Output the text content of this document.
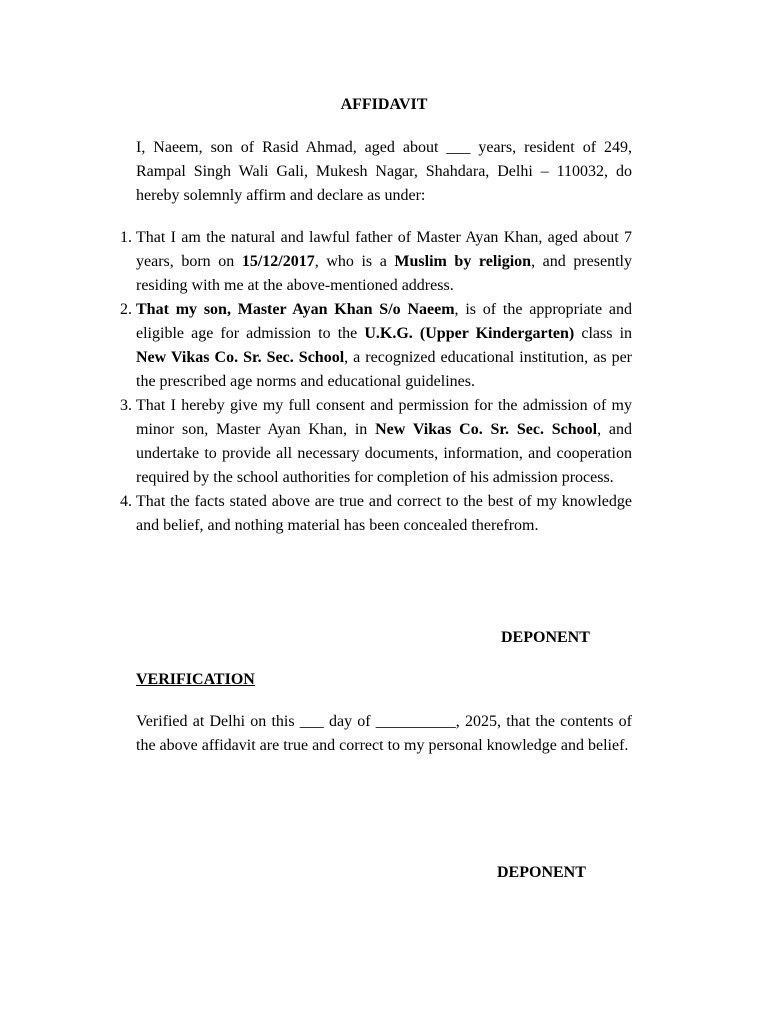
AFFIDAVIT

I, Naeem, son of Rasid Ahmad, aged about ___ years, resident of 249, Rampal Singh Wali Gali, Mukesh Nagar, Shahdara, Delhi – 110032, do hereby solemnly affirm and declare as under:

1. That I am the natural and lawful father of Master Ayan Khan, aged about 7 years, born on 15/12/2017, who is a Muslim by religion, and presently residing with me at the above-mentioned address.
2. That my son, Master Ayan Khan S/o Naeem, is of the appropriate and eligible age for admission to the U.K.G. (Upper Kindergarten) class in New Vikas Co. Sr. Sec. School, a recognized educational institution, as per the prescribed age norms and educational guidelines.
3. That I hereby give my full consent and permission for the admission of my minor son, Master Ayan Khan, in New Vikas Co. Sr. Sec. School, and undertake to provide all necessary documents, information, and cooperation required by the school authorities for completion of his admission process.
4. That the facts stated above are true and correct to the best of my knowledge and belief, and nothing material has been concealed therefrom.

DEPONENT

VERIFICATION

Verified at Delhi on this ___ day of __________, 2025, that the contents of the above affidavit are true and correct to my personal knowledge and belief.

DEPONENT
